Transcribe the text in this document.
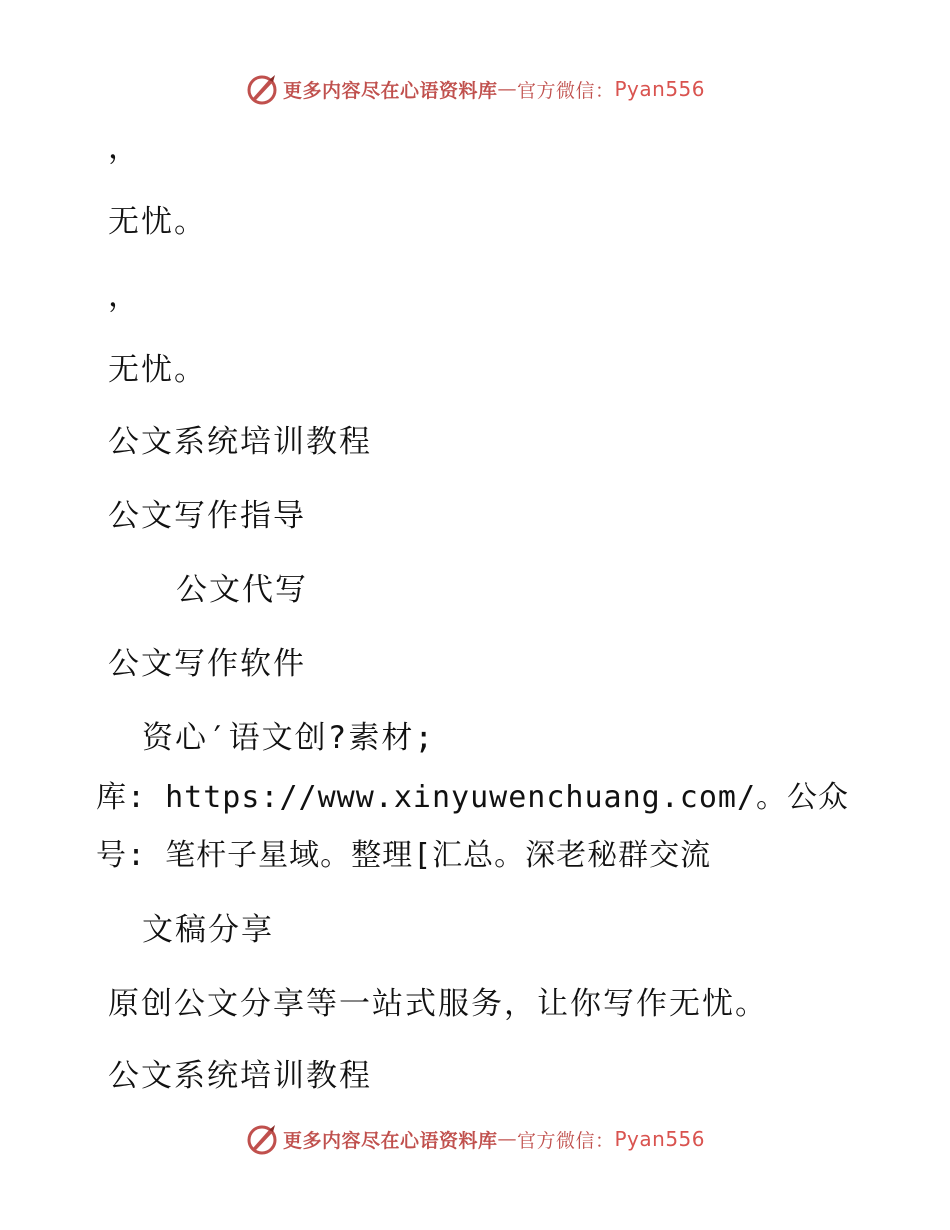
更多内容尽在心语资料库 — 官方微信： Pyan556
，
无忧。
，
无忧。
公文系统培训教程
公文写作指导
公文代写
公文写作软件
资心′语文创?素材;
库: https://www.xinyuwenchuang.com/。公众
号: 笔杆子星域。整理[汇总。深老秘群交流
文稿分享
原创公文分享等一站式服务，让你写作无忧。
公文系统培训教程
更多内容尽在心语资料库 — 官方微信： Pyan556
